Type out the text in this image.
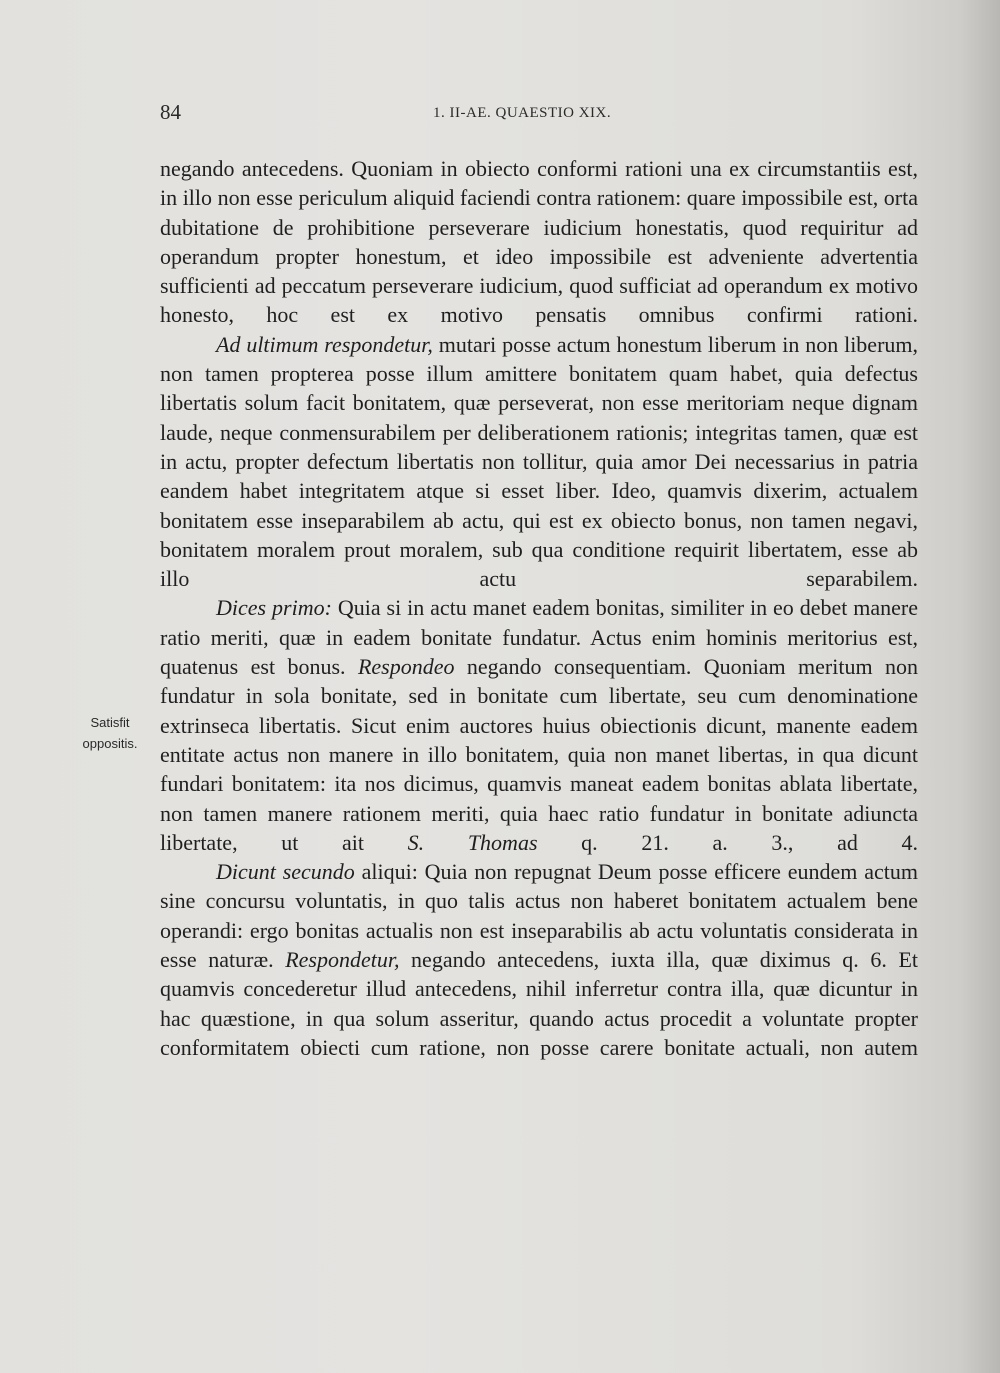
84	1. II-AE. QUAESTIO XIX.
Satisfit
oppositis.

negando antecedens. Quoniam in obiecto conformi rationi una ex circumstantiis est, in illo non esse periculum aliquid faciendi contra rationem: quare impossibile est, orta dubitatione de prohibitione perseverare iudicium honestatis, quod requiritur ad operandum propter honestum, et ideo impossibile est adveniente advertentia sufficienti ad peccatum perseverare iudicium, quod sufficiat ad operandum ex motivo honesto, hoc est ex motivo pensatis omnibus confirmi rationi.

Ad ultimum respondetur, mutari posse actum honestum liberum in non liberum, non tamen propterea posse illum amittere bonitatem quam habet, quia defectus libertatis solum facit bonitatem, quæ perseverat, non esse meritoriam neque dignam laude, neque conmensurabilem per deliberationem rationis; integritas tamen, quæ est in actu, propter defectum libertatis non tollitur, quia amor Dei necessarius in patria eandem habet integritatem atque si esset liber. Ideo, quamvis dixerim, actualem bonitatem esse inseparabilem ab actu, qui est ex obiecto bonus, non tamen negavi, bonitatem moralem prout moralem, sub qua conditione requirit libertatem, esse ab illo actu separabilem.

Dices primo: Quia si in actu manet eadem bonitas, similiter in eo debet manere ratio meriti, quæ in eadem bonitate fundatur. Actus enim hominis meritorius est, quatenus est bonus. Respondeo negando consequentiam. Quoniam meritum non fundatur in sola bonitate, sed in bonitate cum libertate, seu cum denominatione extrinseca libertatis. Sicut enim auctores huius obiectionis dicunt, manente eadem entitate actus non manere in illo bonitatem, quia non manet libertas, in qua dicunt fundari bonitatem: ita nos dicimus, quamvis maneat eadem bonitas ablata libertate, non tamen manere rationem meriti, quia haec ratio fundatur in bonitate adiuncta libertate, ut ait S. Thomas q. 21. a. 3., ad 4.

Dicunt secundo aliqui: Quia non repugnat Deum posse efficere eundem actum sine concursu voluntatis, in quo talis actus non haberet bonitatem actualem bene operandi: ergo bonitas actualis non est inseparabilis ab actu voluntatis considerata in esse naturæ. Respondetur, negando antecedens, iuxta illa, quæ diximus q. 6. Et quamvis concederetur illud antecedens, nihil inferretur contra illa, quæ dicuntur in hac quæstione, in qua solum asseritur, quando actus procedit a voluntate propter conformitatem obiecti cum ratione, non posse carere bonitate actuali, non autem
